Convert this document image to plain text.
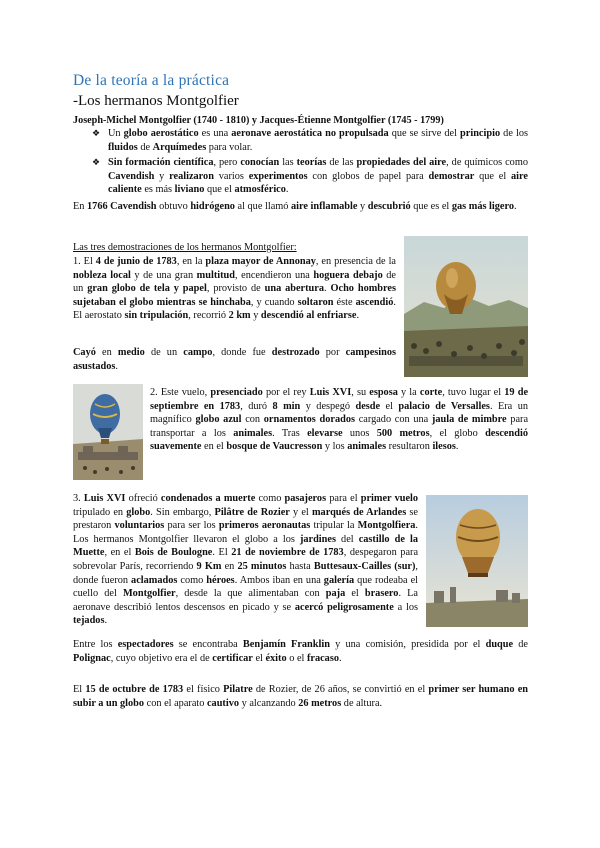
De la teoría a la práctica
-Los hermanos Montgolfier
Joseph-Michel Montgolfier (1740 - 1810) y Jacques-Étienne Montgolfier (1745 - 1799)
❖ Un globo aerostático es una aeronave aerostática no propulsada que se sirve del principio de los fluidos de Arquímedes para volar.
❖ Sin formación científica, pero conocían las teorías de las propiedades del aire, de químicos como Cavendish y realizaron varios experimentos con globos de papel para demostrar que el aire caliente es más liviano que el atmosférico.
En 1766 Cavendish obtuvo hidrógeno al que llamó aire inflamable y descubrió que es el gas más ligero.
Las tres demostraciones de los hermanos Montgolfier:
1. El 4 de junio de 1783, en la plaza mayor de Annonay, en presencia de la nobleza local y de una gran multitud, encendieron una hoguera debajo de un gran globo de tela y papel, provisto de una abertura. Ocho hombres sujetaban el globo mientras se hinchaba, y cuando soltaron éste ascendió. El aerostato sin tripulación, recorrió 2 km y descendió al enfriarse.
Cayó en medio de un campo, donde fue destrozado por campesinos asustados.
2. Este vuelo, presenciado por el rey Luis XVI, su esposa y la corte, tuvo lugar el 19 de septiembre en 1783, duró 8 min y despegó desde el palacio de Versalles. Era un magnífico globo azul con ornamentos dorados cargado con una jaula de mimbre para transportar a los animales. Tras elevarse unos 500 metros, el globo descendió suavemente en el bosque de Vaucresson y los animales resultaron ilesos.
3. Luis XVI ofreció condenados a muerte como pasajeros para el primer vuelo tripulado en globo. Sin embargo, Pilâtre de Rozier y el marqués de Arlandes se prestaron voluntarios para ser los primeros aeronautas tripular la Montgolfiera. Los hermanos Montgolfier llevaron el globo a los jardines del castillo de la Muette, en el Bois de Boulogne. El 21 de noviembre de 1783, despegaron para sobrevolar París, recorriendo 9 Km en 25 minutos hasta Buttesaux-Cailles (sur), donde fueron aclamados como héroes. Ambos iban en una galería que rodeaba el cuello del Montgolfier, desde la que alimentaban con paja el brasero. La aeronave describió lentos descensos en picado y se acercó peligrosamente a los tejados.
Entre los espectadores se encontraba Benjamín Franklin y una comisión, presidida por el duque de Polignac, cuyo objetivo era el de certificar el éxito o el fracaso.
El 15 de octubre de 1783 el físico Pilatre de Rozier, de 26 años, se convirtió en el primer ser humano en subir a un globo con el aparato cautivo y alcanzando 26 metros de altura.
